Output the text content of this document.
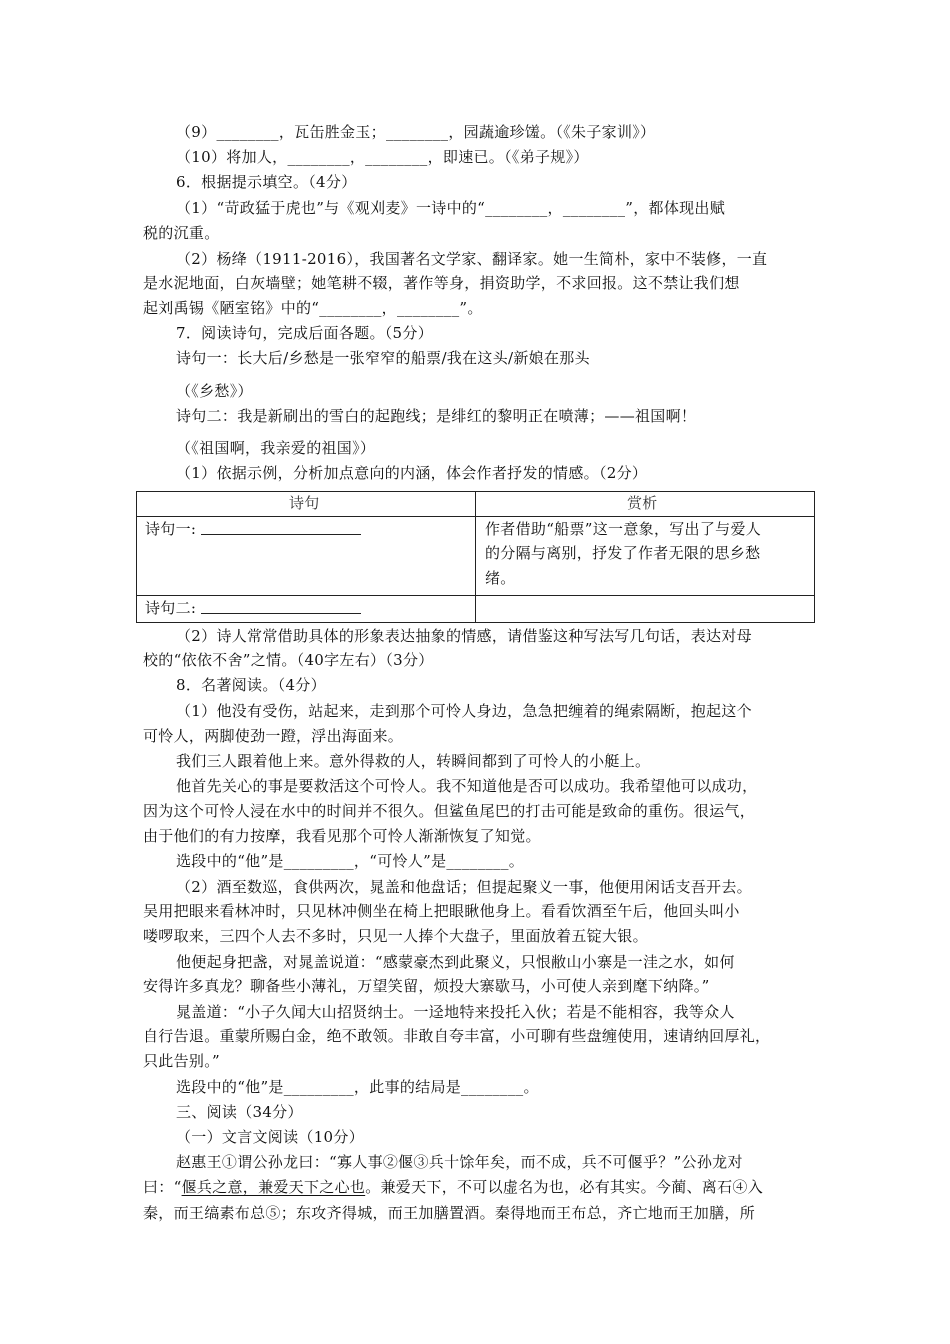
（9）________，瓦缶胜金玉；________，园蔬逾珍馐。（《朱子家训》）
（10）将加人，________，________，即速已。（《弟子规》）
6．根据提示填空。（4分）
（1）“苛政猛于虎也”与《观刈麦》一诗中的“________，________”，都体现出赋
税的沉重。
（2）杨绛（1911-2016），我国著名文学家、翻译家。她一生简朴，家中不装修，一直
是水泥地面，白灰墙壁；她笔耕不辍，著作等身，捐资助学，不求回报。这不禁让我们想
起刘禹锡《陋室铭》中的“________，________”。
7．阅读诗句，完成后面各题。（5分）
诗句一：长大后/乡愁是一张窄窄的船票/我在这头/新娘在那头
（《乡愁》）
诗句二：我是新刷出的雪白的起跑线；是绯红的黎明正在喷薄；——祖国啊！
（《祖国啊，我亲爱的祖国》）
（1）依据示例，分析加点意向的内涵，体会作者抒发的情感。（2分）
诗句	赏析
诗句一:	作者借助“船票”这一意象，写出了与爱人
的分隔与离别，抒发了作者无限的思乡愁
绪。
诗句二:
（2）诗人常常借助具体的形象表达抽象的情感，请借鉴这种写法写几句话，表达对母
校的“依依不舍”之情。（40字左右）（3分）
8．名著阅读。（4分）
（1）他没有受伤，站起来，走到那个可怜人身边，急急把缠着的绳索隔断，抱起这个
可怜人，两脚使劲一蹬，浮出海面来。
我们三人跟着他上来。意外得救的人，转瞬间都到了可怜人的小艇上。
他首先关心的事是要救活这个可怜人。我不知道他是否可以成功。我希望他可以成功，
因为这个可怜人浸在水中的时间并不很久。但鲨鱼尾巴的打击可能是致命的重伤。很运气，
由于他们的有力按摩，我看见那个可怜人渐渐恢复了知觉。
选段中的“他”是_________，“可怜人”是________。
（2）酒至数巡，食供两次，晁盖和他盘话；但提起聚义一事，他便用闲话支吾开去。
吴用把眼来看林冲时，只见林冲侧坐在椅上把眼瞅他身上。看看饮酒至午后，他回头叫小
喽啰取来，三四个人去不多时，只见一人捧个大盘子，里面放着五锭大银。
他便起身把盏，对晁盖说道：“感蒙豪杰到此聚义，只恨敝山小寨是一洼之水，如何
安得许多真龙？聊备些小薄礼，万望笑留，烦投大寨歇马，小可使人亲到麾下纳降。”
晁盖道：“小子久闻大山招贤纳士。一迳地特来投托入伙；若是不能相容，我等众人
自行告退。重蒙所赐白金，绝不敢领。非敢自夸丰富，小可聊有些盘缠使用，速请纳回厚礼，
只此告别。”
选段中的“他”是_________，此事的结局是________。
三、阅读（34分）
（一）文言文阅读（10分）
赵惠王①谓公孙龙曰：“寡人事②偃③兵十馀年矣，而不成，兵不可偃乎？”公孙龙对
曰：“偃兵之意，兼爱天下之心也。兼爱天下，不可以虚名为也，必有其实。今蔺、离石④入
秦，而王缟素布总⑤；东攻齐得城，而王加膳置酒。秦得地而王布总，齐亡地而王加膳，所
